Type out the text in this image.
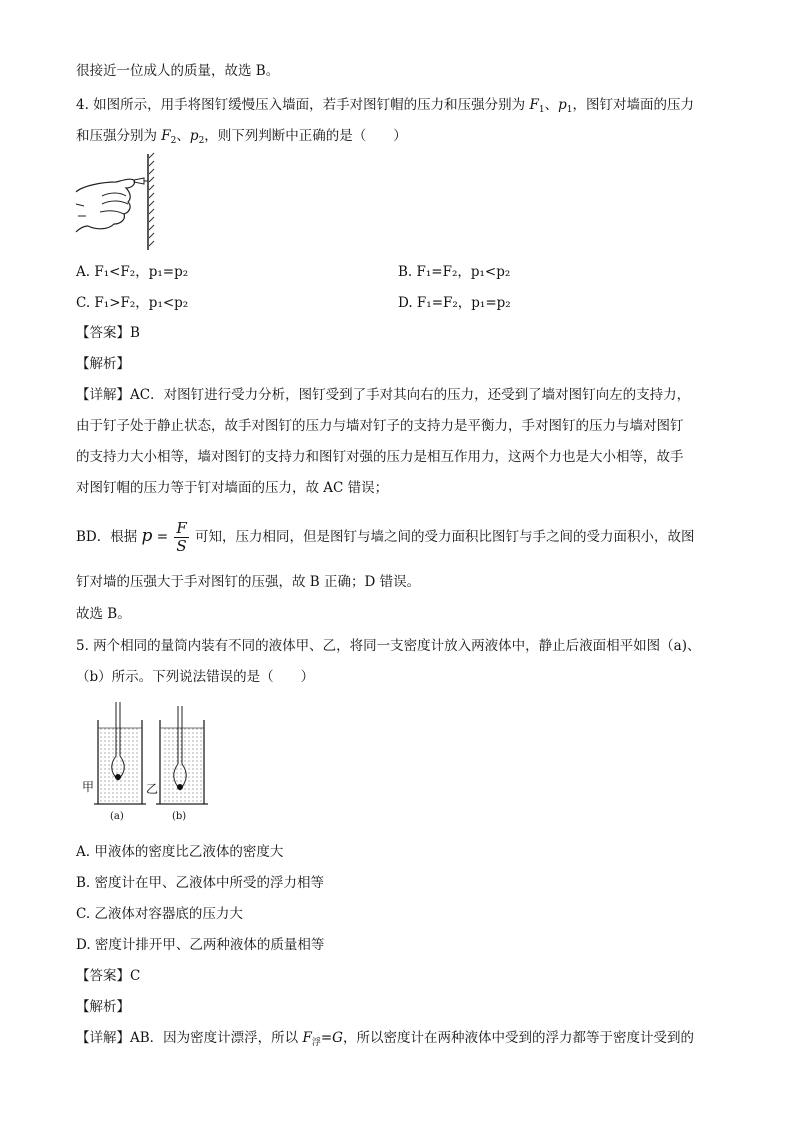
很接近一位成人的质量，故选 B。
4. 如图所示，用手将图钉缓慢压入墙面，若手对图钉帽的压力和压强分别为 $F_1$、$p_1$，图钉对墙面的压力
和压强分别为 $F_2$、$p_2$，则下列判断中正确的是（　　）
A. F₁<F₂，p₁=p₂	B. F₁=F₂，p₁<p₂
C. F₁>F₂，p₁<p₂	D. F₁=F₂，p₁=p₂
【答案】B
【解析】
【详解】AC．对图钉进行受力分析，图钉受到了手对其向右的压力，还受到了墙对图钉向左的支持力，
由于钉子处于静止状态，故手对图钉的压力与墙对钉子的支持力是平衡力，手对图钉的压力与墙对图钉
的支持力大小相等，墙对图钉的支持力和图钉对强的压力是相互作用力，这两个力也是大小相等，故手
对图钉帽的压力等于钉对墙面的压力，故 AC 错误；
BD．根据 $p = \frac{F}{S}$ 可知，压力相同，但是图钉与墙之间的受力面积比图钉与手之间的受力面积小，故图
钉对墙的压强大于手对图钉的压强，故 B 正确；D 错误。
故选 B。
5. 两个相同的量筒内装有不同的液体甲、乙，将同一支密度计放入两液体中，静止后液面相平如图（a)、
（b）所示。下列说法错误的是（　　）
甲	乙
(a)	(b)
A. 甲液体的密度比乙液体的密度大
B. 密度计在甲、乙液体中所受的浮力相等
C. 乙液体对容器底的压力大
D. 密度计排开甲、乙两种液体的质量相等
【答案】C
【解析】
【详解】AB．因为密度计漂浮，所以 $F_浮=G$，所以密度计在两种液体中受到的浮力都等于密度计受到的
